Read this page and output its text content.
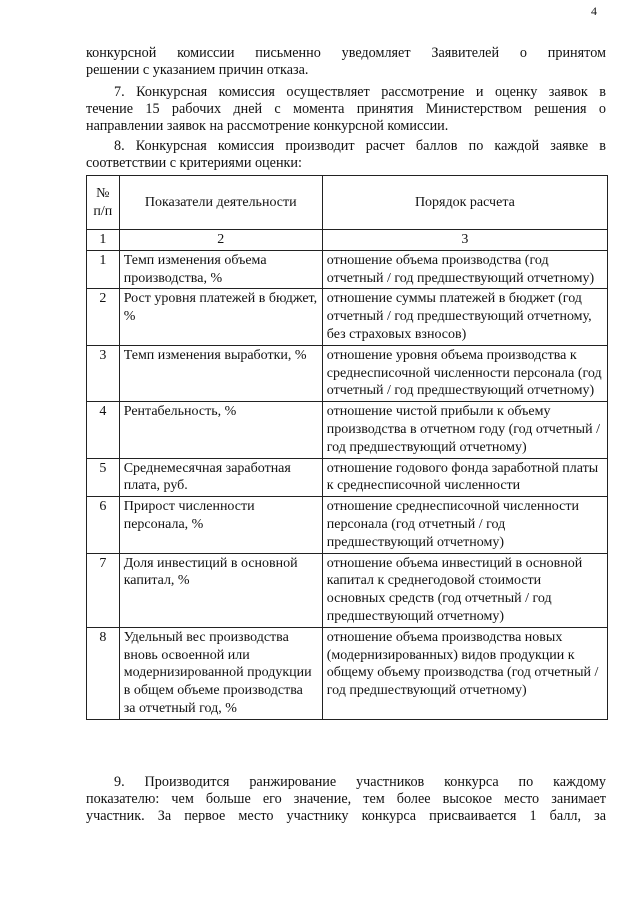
4

конкурсной комиссии письменно уведомляет Заявителей о принятом
решении с указанием причин отказа.

7. Конкурсная комиссия осуществляет рассмотрение и оценку заявок в
течение 15 рабочих дней с момента принятия Министерством решения о
направлении заявок на рассмотрение конкурсной комиссии.

8. Конкурсная комиссия производит расчет баллов по каждой заявке в
соответствии с критериями оценки:

№ п/п	Показатели деятельности	Порядок расчета
1	2	3
1	Темп изменения объема производства, %	отношение объема производства (год отчетный / год предшествующий отчетному)
2	Рост уровня платежей в бюджет, %	отношение суммы платежей в бюджет (год отчетный / год предшествующий отчетному, без страховых взносов)
3	Темп изменения выработки, %	отношение уровня объема производства к среднесписочной численности персонала (год отчетный / год предшествующий отчетному)
4	Рентабельность, %	отношение чистой прибыли к объему производства в отчетном году (год отчетный / год предшествующий отчетному)
5	Среднемесячная заработная плата, руб.	отношение годового фонда заработной платы к среднесписочной численности
6	Прирост численности персонала, %	отношение среднесписочной численности персонала (год отчетный / год предшествующий отчетному)
7	Доля инвестиций в основной капитал, %	отношение объема инвестиций в основной капитал к среднегодовой стоимости основных средств (год отчетный / год предшествующий отчетному)
8	Удельный вес производства вновь освоенной или модернизированной продукции в общем объеме производства за отчетный год, %	отношение объема производства новых (модернизированных) видов продукции к общему объему производства (год отчетный / год предшествующий отчетному)

9. Производится ранжирование участников конкурса по каждому
показателю: чем больше его значение, тем более высокое место занимает
участник. За первое место участнику конкурса присваивается 1 балл, за
